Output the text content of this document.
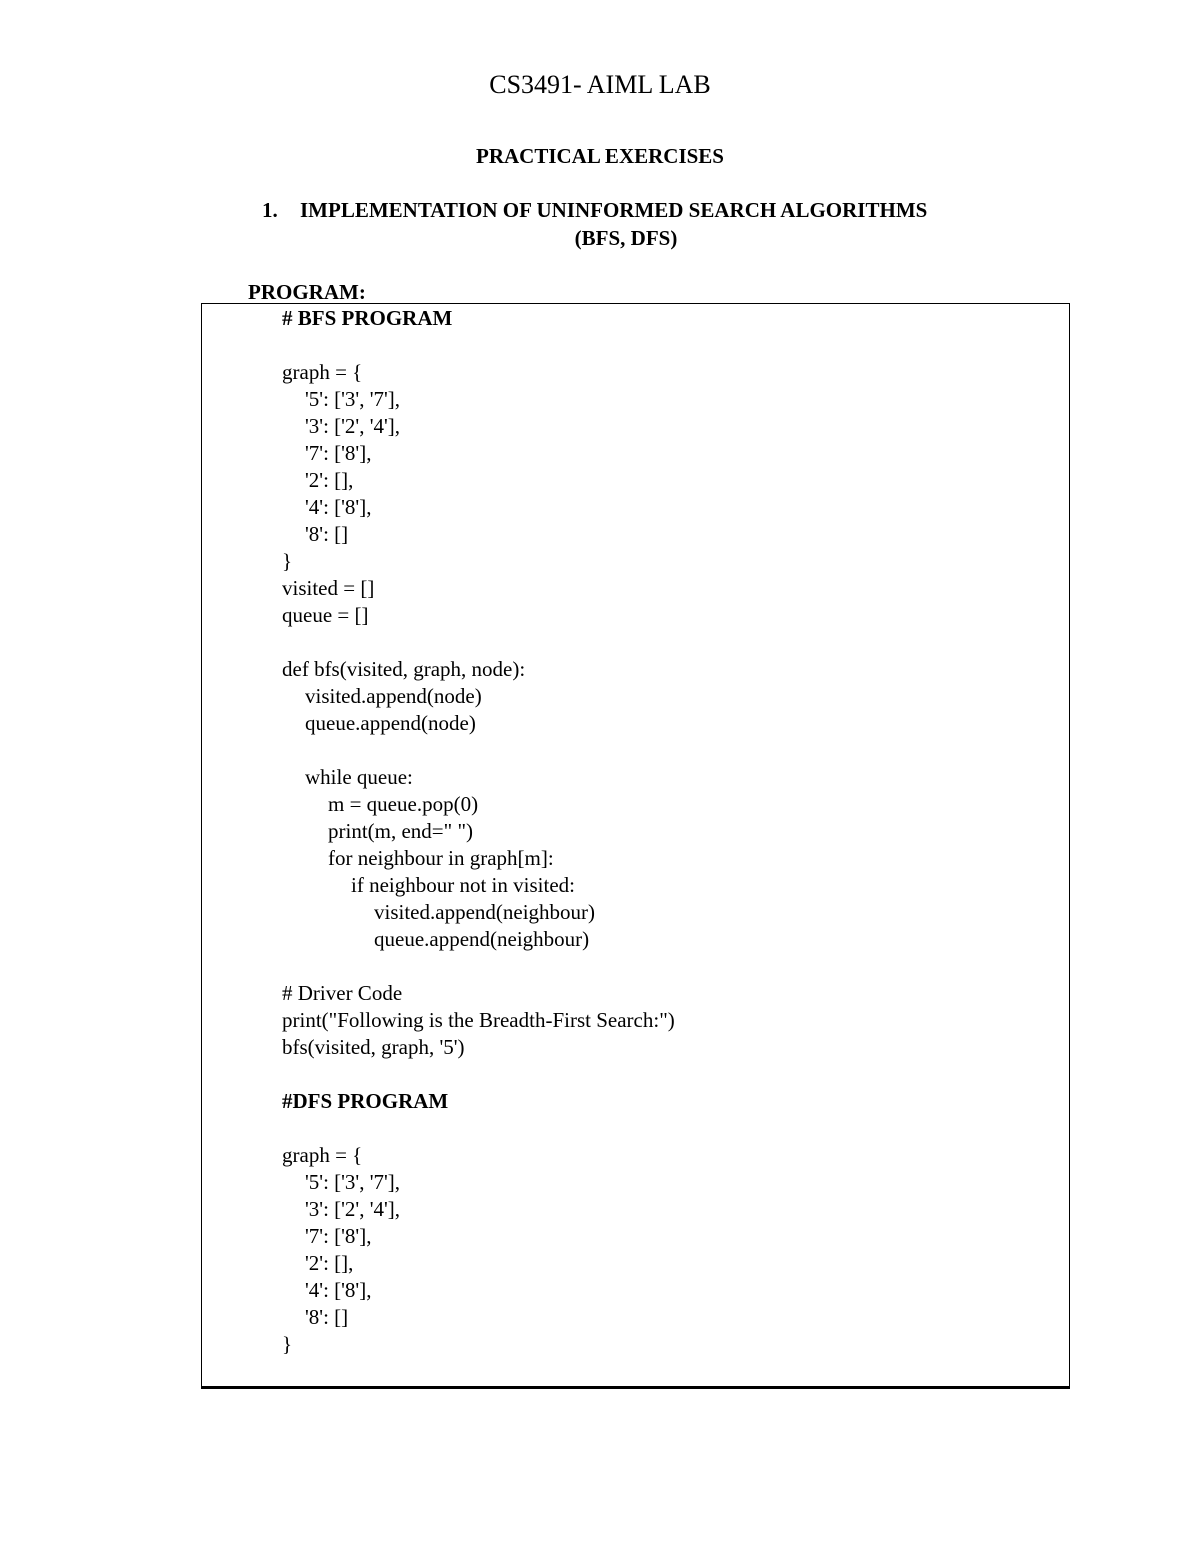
CS3491- AIML LAB
PRACTICAL EXERCISES
1. IMPLEMENTATION OF UNINFORMED SEARCH ALGORITHMS
(BFS, DFS)
PROGRAM:
# BFS PROGRAM
graph = {
'5': ['3', '7'],
'3': ['2', '4'],
'7': ['8'],
'2': [],
'4': ['8'],
'8': []
}
visited = []
queue = []
def bfs(visited, graph, node):
visited.append(node)
queue.append(node)
while queue:
m = queue.pop(0)
print(m, end=" ")
for neighbour in graph[m]:
if neighbour not in visited:
visited.append(neighbour)
queue.append(neighbour)
# Driver Code
print("Following is the Breadth-First Search:")
bfs(visited, graph, '5')
#DFS PROGRAM
graph = {
'5': ['3', '7'],
'3': ['2', '4'],
'7': ['8'],
'2': [],
'4': ['8'],
'8': []
}
